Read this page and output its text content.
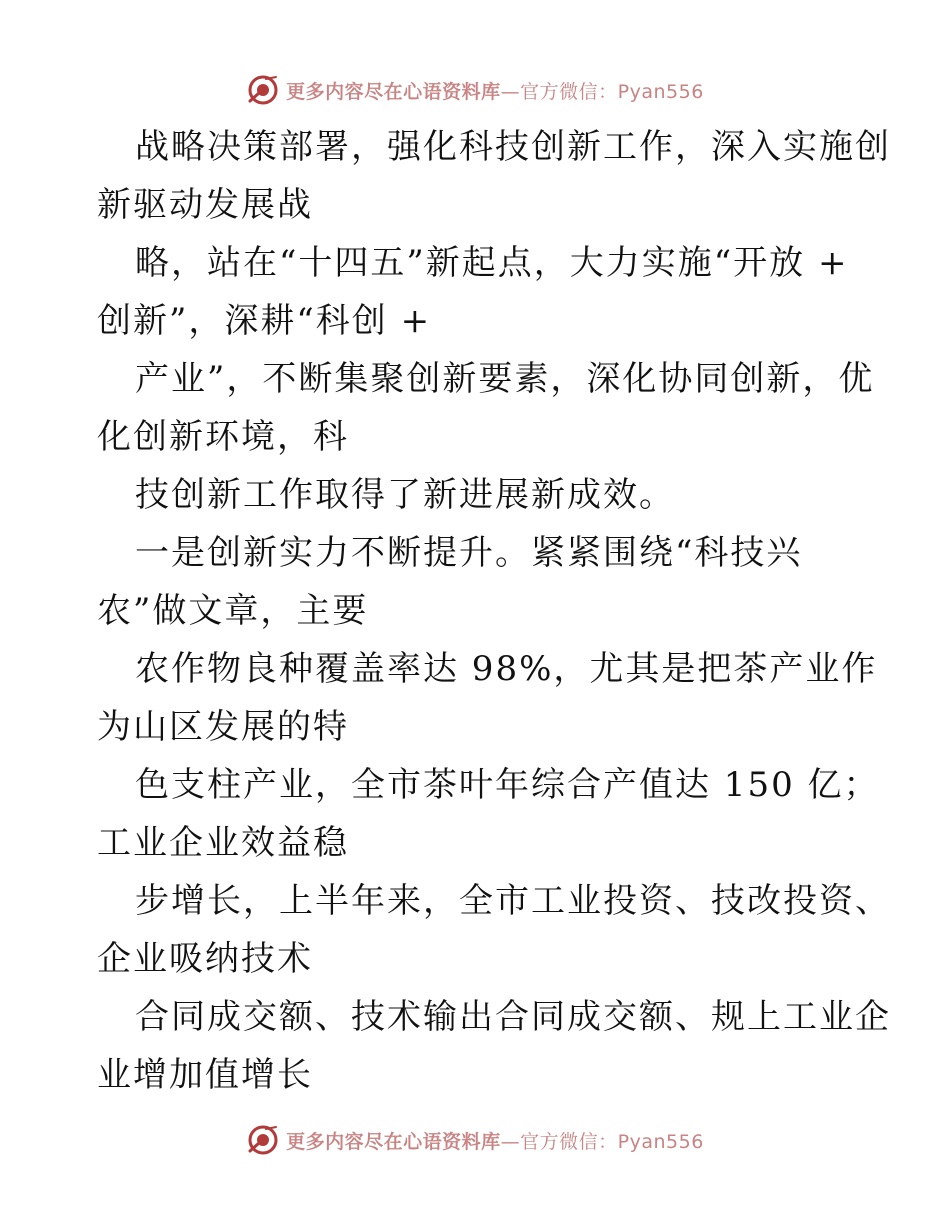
更多内容尽在心语资料库—官方微信：Pyan556
战略决策部署，强化科技创新工作，深入实施创
新驱动发展战
略，站在“十四五”新起点，大力实施“开放 +
创新”，深耕“科创 +
产业”，不断集聚创新要素，深化协同创新，优
化创新环境，科
技创新工作取得了新进展新成效。
一是创新实力不断提升。紧紧围绕“科技兴
农”做文章，主要
农作物良种覆盖率达 98%，尤其是把茶产业作
为山区发展的特
色支柱产业，全市茶叶年综合产值达 150 亿；
工业企业效益稳
步增长，上半年来，全市工业投资、技改投资、
企业吸纳技术
合同成交额、技术输出合同成交额、规上工业企
业增加值增长
更多内容尽在心语资料库—官方微信：Pyan556
